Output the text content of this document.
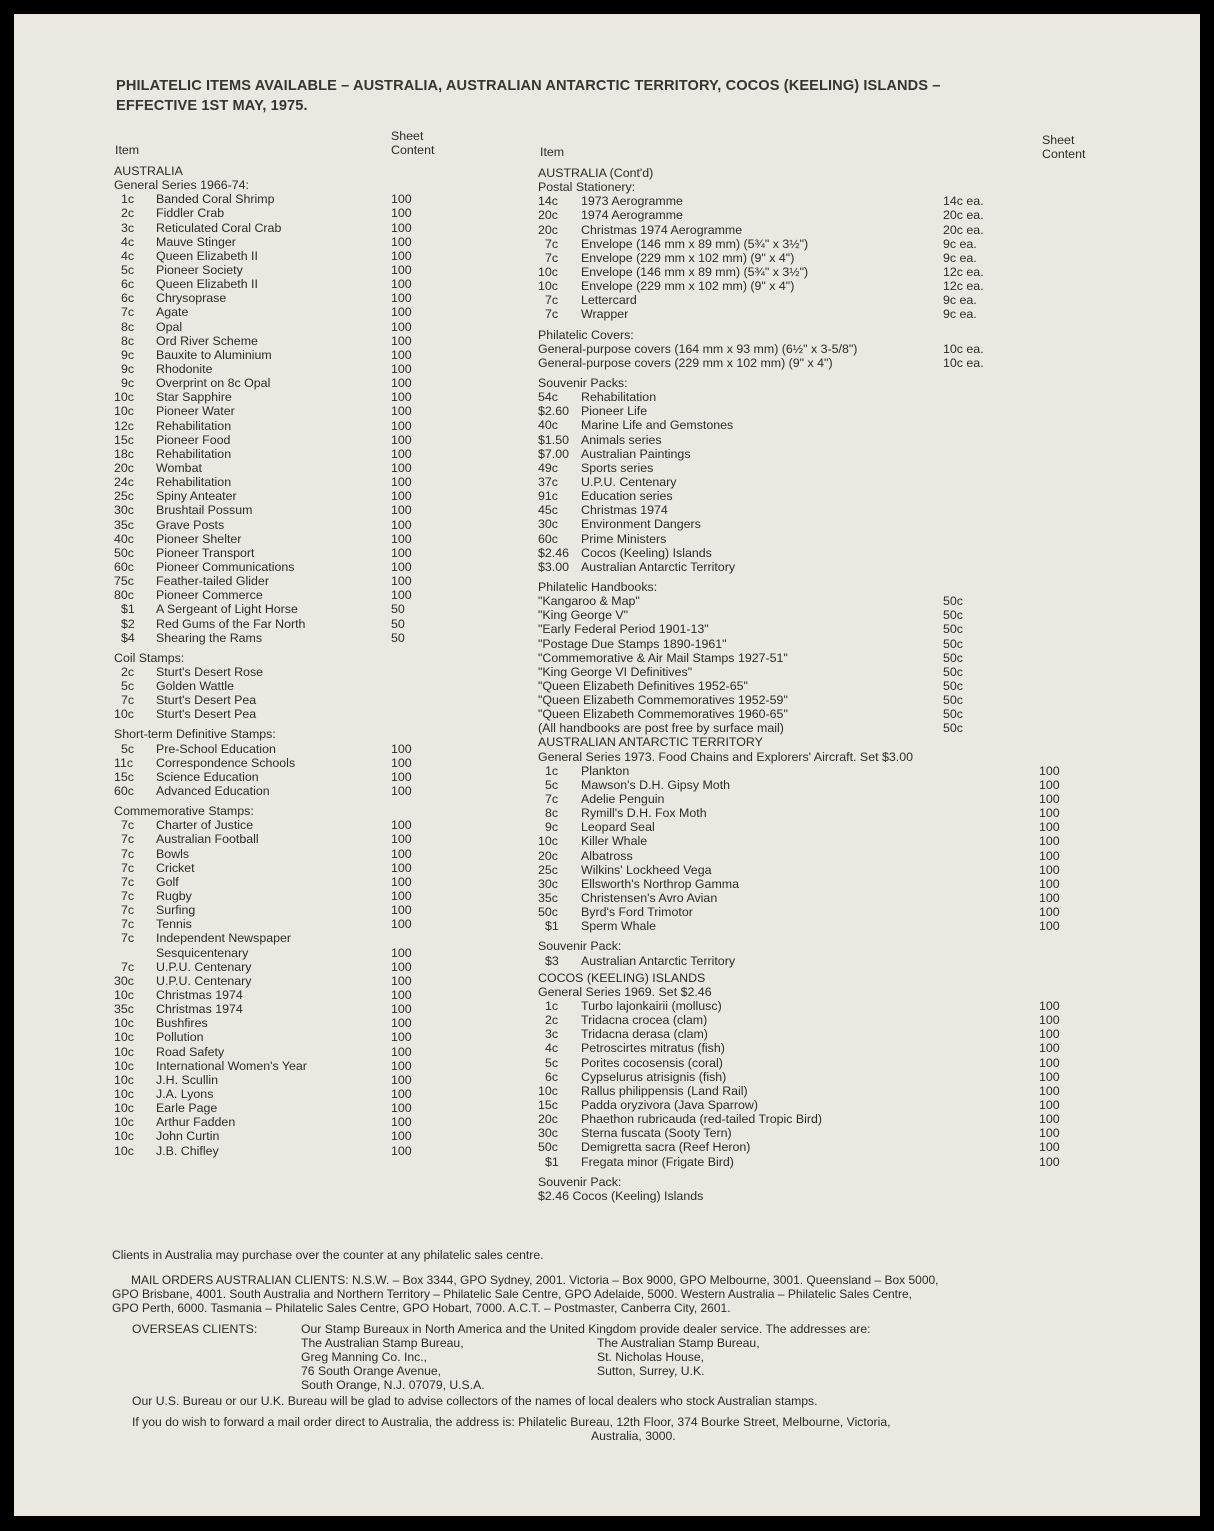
PHILATELIC ITEMS AVAILABLE – AUSTRALIA, AUSTRALIAN ANTARCTIC TERRITORY, COCOS (KEELING) ISLANDS –
EFFECTIVE 1ST MAY, 1975.
Item
Sheet
Content	Item
Sheet
Content
AUSTRALIA
General Series 1966-74:
1c Banded Coral Shrimp	100
2c Fiddler Crab	100
3c Reticulated Coral Crab	100
4c Mauve Stinger	100
4c Queen Elizabeth II	100
5c Pioneer Society	100
6c Queen Elizabeth II	100
6c Chrysoprase	100
7c Agate	100
8c Opal	100
8c Ord River Scheme	100
9c Bauxite to Aluminium	100
9c Rhodonite	100
9c Overprint on 8c Opal	100
10c Star Sapphire	100
10c Pioneer Water	100
12c Rehabilitation	100
15c Pioneer Food	100
18c Rehabilitation	100
20c Wombat	100
24c Rehabilitation	100
25c Spiny Anteater	100
30c Brushtail Possum	100
35c Grave Posts	100
40c Pioneer Shelter	100
50c Pioneer Transport	100
60c Pioneer Communications	100
75c Feather-tailed Glider	100
80c Pioneer Commerce	100
$1 A Sergeant of Light Horse	50
$2 Red Gums of the Far North	50
$4 Shearing the Rams	50
Coil Stamps:
2c Sturt's Desert Rose
5c Golden Wattle
7c Sturt's Desert Pea
10c Sturt's Desert Pea
Short-term Definitive Stamps:
5c Pre-School Education	100
11c Correspondence Schools	100
15c Science Education	100
60c Advanced Education	100
Commemorative Stamps:
7c Charter of Justice	100
7c Australian Football	100
7c Bowls	100
7c Cricket	100
7c Golf	100
7c Rugby	100
7c Surfing	100
7c Tennis	100
7c Independent Newspaper
Sesquicentenary	100
7c U.P.U. Centenary	100
30c U.P.U. Centenary	100
10c Christmas 1974	100
35c Christmas 1974	100
10c Bushfires	100
10c Pollution	100
10c Road Safety	100
10c International Women's Year	100
10c J.H. Scullin	100
10c J.A. Lyons	100
10c Earle Page	100
10c Arthur Fadden	100
10c John Curtin	100
10c J.B. Chifley	100
AUSTRALIA (Cont'd)
Postal Stationery:
14c 1973 Aerogramme	14c ea.
20c 1974 Aerogramme	20c ea.
20c Christmas 1974 Aerogramme	20c ea.
7c Envelope (146 mm x 89 mm) (5¾" x 3½")	9c ea.
7c Envelope (229 mm x 102 mm) (9" x 4")	9c ea.
10c Envelope (146 mm x 89 mm) (5¾" x 3½")	12c ea.
10c Envelope (229 mm x 102 mm) (9" x 4")	12c ea.
7c Lettercard	9c ea.
7c Wrapper	9c ea.
Philatelic Covers:
General-purpose covers (164 mm x 93 mm) (6½" x 3-5/8")	10c ea.
General-purpose covers (229 mm x 102 mm) (9" x 4")	10c ea.
Souvenir Packs:
54c Rehabilitation
$2.60 Pioneer Life
40c Marine Life and Gemstones
$1.50 Animals series
$7.00 Australian Paintings
49c Sports series
37c U.P.U. Centenary
91c Education series
45c Christmas 1974
30c Environment Dangers
60c Prime Ministers
$2.46 Cocos (Keeling) Islands
$3.00 Australian Antarctic Territory
Philatelic Handbooks:
"Kangaroo & Map"	50c
"King George V"	50c
"Early Federal Period 1901-13"	50c
"Postage Due Stamps 1890-1961"	50c
"Commemorative & Air Mail Stamps 1927-51"	50c
"King George VI Definitives"	50c
"Queen Elizabeth Definitives 1952-65"	50c
"Queen Elizabeth Commemoratives 1952-59"	50c
"Queen Elizabeth Commemoratives 1960-65"	50c
(All handbooks are post free by surface mail)	50c
AUSTRALIAN ANTARCTIC TERRITORY
General Series 1973. Food Chains and Explorers' Aircraft. Set $3.00
1c Plankton	100
5c Mawson's D.H. Gipsy Moth	100
7c Adelie Penguin	100
8c Rymill's D.H. Fox Moth	100
9c Leopard Seal	100
10c Killer Whale	100
20c Albatross	100
25c Wilkins' Lockheed Vega	100
30c Ellsworth's Northrop Gamma	100
35c Christensen's Avro Avian	100
50c Byrd's Ford Trimotor	100
$1 Sperm Whale	100
Souvenir Pack:
$3 Australian Antarctic Territory
COCOS (KEELING) ISLANDS
General Series 1969. Set $2.46
1c Turbo lajonkairii (mollusc)	100
2c Tridacna crocea (clam)	100
3c Tridacna derasa (clam)	100
4c Petroscirtes mitratus (fish)	100
5c Porites cocosensis (coral)	100
6c Cypselurus atrisignis (fish)	100
10c Rallus philippensis (Land Rail)	100
15c Padda oryzivora (Java Sparrow)	100
20c Phaethon rubricauda (red-tailed Tropic Bird)	100
30c Sterna fuscata (Sooty Tern)	100
50c Demigretta sacra (Reef Heron)	100
$1 Fregata minor (Frigate Bird)	100
Souvenir Pack:
$2.46 Cocos (Keeling) Islands
Clients in Australia may purchase over the counter at any philatelic sales centre.
MAIL ORDERS AUSTRALIAN CLIENTS: N.S.W. – Box 3344, GPO Sydney, 2001. Victoria – Box 9000, GPO Melbourne, 3001. Queensland – Box 5000,
GPO Brisbane, 4001. South Australia and Northern Territory – Philatelic Sale Centre, GPO Adelaide, 5000. Western Australia – Philatelic Sales Centre,
GPO Perth, 6000. Tasmania – Philatelic Sales Centre, GPO Hobart, 7000. A.C.T. – Postmaster, Canberra City, 2601.
OVERSEAS CLIENTS:	Our Stamp Bureaux in North America and the United Kingdom provide dealer service. The addresses are:
The Australian Stamp Bureau,
Greg Manning Co. Inc.,
76 South Orange Avenue,
South Orange, N.J. 07079, U.S.A.
The Australian Stamp Bureau,
St. Nicholas House,
Sutton, Surrey, U.K.
Our U.S. Bureau or our U.K. Bureau will be glad to advise collectors of the names of local dealers who stock Australian stamps.
If you do wish to forward a mail order direct to Australia, the address is: Philatelic Bureau, 12th Floor, 374 Bourke Street, Melbourne, Victoria,
Australia, 3000.
